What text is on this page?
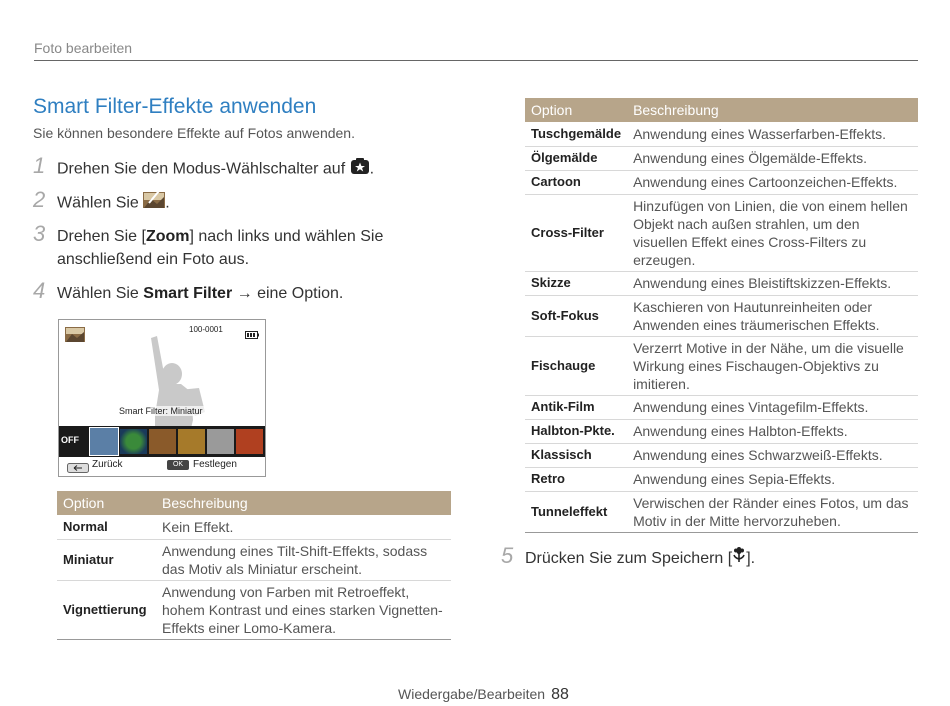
Foto bearbeiten
Smart Filter-Effekte anwenden
Sie können besondere Effekte auf Fotos anwenden.
1 Drehen Sie den Modus-Wählschalter auf .
2 Wählen Sie .
3 Drehen Sie [Zoom] nach links und wählen Sie
anschließend ein Foto aus.
4 Wählen Sie Smart Filter → eine Option.
100-0001
Smart Filter: Miniatur
OFF
Zurück	OK Festlegen
Option	Beschreibung
Normal	Kein Effekt.
Miniatur	Anwendung eines Tilt-Shift-Effekts, sodass das Motiv als Miniatur erscheint.
Vignettierung	Anwendung von Farben mit Retroeffekt, hohem Kontrast und eines starken Vignetten-Effekts einer Lomo-Kamera.
Option	Beschreibung
Tuschgemälde	Anwendung eines Wasserfarben-Effekts.
Ölgemälde	Anwendung eines Ölgemälde-Effekts.
Cartoon	Anwendung eines Cartoonzeichen-Effekts.
Cross-Filter	Hinzufügen von Linien, die von einem hellen Objekt nach außen strahlen, um den visuellen Effekt eines Cross-Filters zu erzeugen.
Skizze	Anwendung eines Bleistiftskizzen-Effekts.
Soft-Fokus	Kaschieren von Hautunreinheiten oder Anwenden eines träumerischen Effekts.
Fischauge	Verzerrt Motive in der Nähe, um die visuelle Wirkung eines Fischaugen-Objektivs zu imitieren.
Antik-Film	Anwendung eines Vintagefilm-Effekts.
Halbton-Pkte.	Anwendung eines Halbton-Effekts.
Klassisch	Anwendung eines Schwarzweiß-Effekts.
Retro	Anwendung eines Sepia-Effekts.
Tunneleffekt	Verwischen der Ränder eines Fotos, um das Motiv in der Mitte hervorzuheben.
5 Drücken Sie zum Speichern [ ].
Wiedergabe/Bearbeiten 88
